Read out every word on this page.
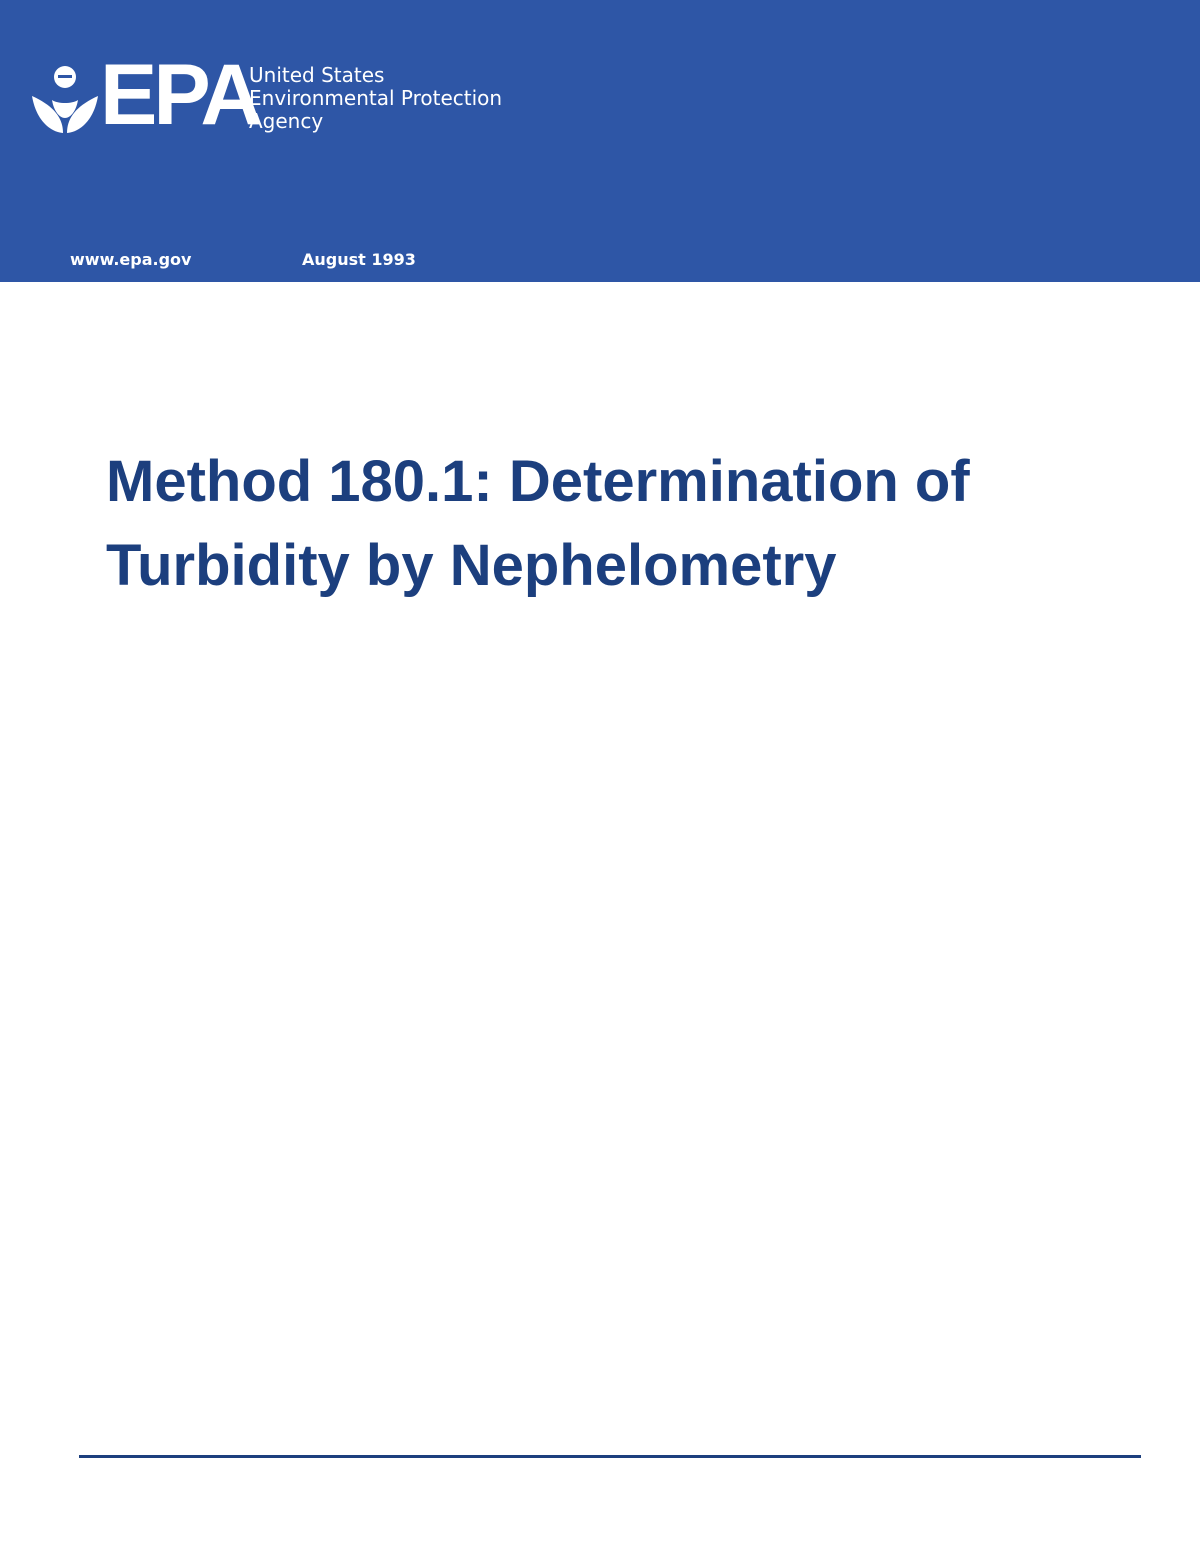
EPA
United States
Environmental Protection
Agency
www.epa.gov	August 1993
Method 180.1: Determination of
Turbidity by Nephelometry
